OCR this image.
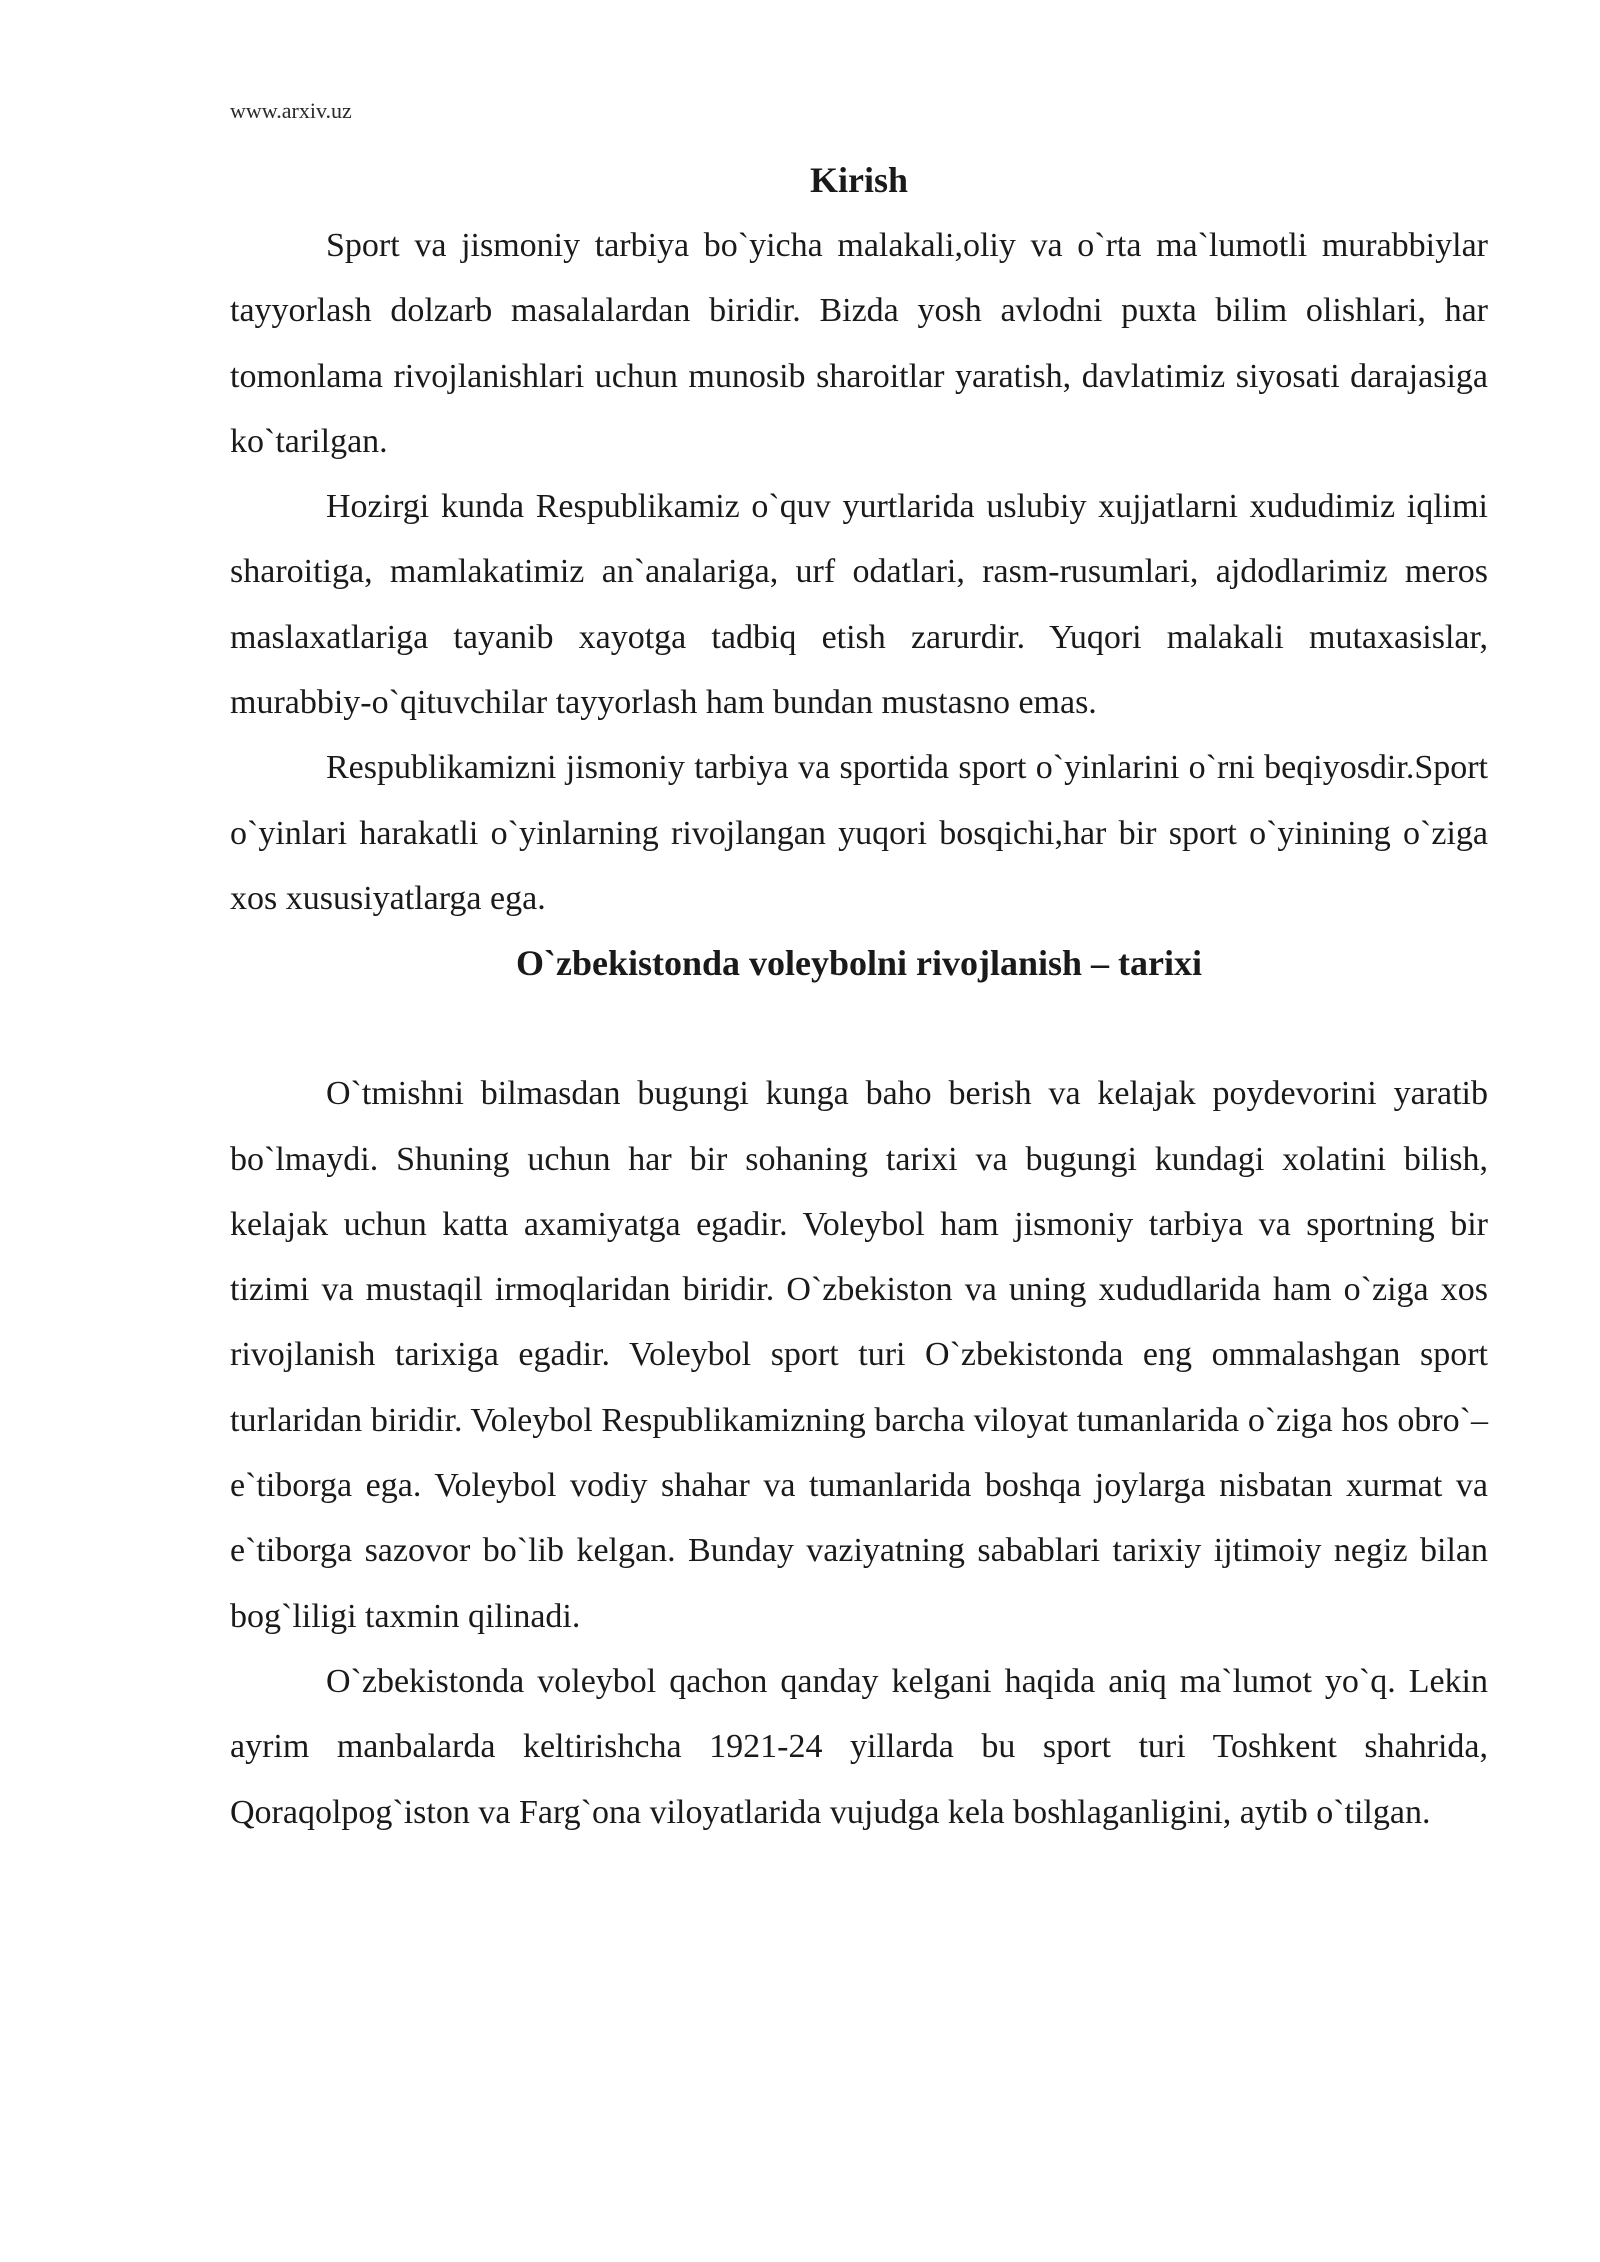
www.arxiv.uz
Kirish

Sport va jismoniy tarbiya bo`yicha malakali,oliy va o`rta ma`lumotli murabbiylar tayyorlash dolzarb masalalardan biridir. Bizda yosh avlodni puxta bilim olishlari, har tomonlama rivojlanishlari uchun munosib sharoitlar yaratish, davlatimiz siyosati darajasiga ko`tarilgan.

Hozirgi kunda Respublikamiz o`quv yurtlarida uslubiy xujjatlarni xududimiz iqlimi sharoitiga, mamlakatimiz an`analariga, urf odatlari, rasm-rusumlari, ajdodlarimiz meros maslaxatlariga tayanib xayotga tadbiq etish zarurdir. Yuqori malakali mutaxasislar, murabbiy-o`qituvchilar tayyorlash ham bundan mustasno emas.

Respublikamizni jismoniy tarbiya va sportida sport o`yinlarini o`rni beqiyosdir.Sport o`yinlari harakatli o`yinlarning rivojlangan yuqori bosqichi,har bir sport o`yinining o`ziga xos xususiyatlarga ega.

O`zbekistonda voleybolni rivojlanish – tarixi

O`tmishni bilmasdan bugungi kunga baho berish va kelajak poydevorini yaratib bo`lmaydi. Shuning uchun har bir sohaning tarixi va bugungi kundagi xolatini bilish, kelajak uchun katta axamiyatga egadir. Voleybol ham jismoniy tarbiya va sportning bir tizimi va mustaqil irmoqlaridan biridir. O`zbekiston va uning xududlarida ham o`ziga xos rivojlanish tarixiga egadir. Voleybol sport turi O`zbekistonda eng ommalashgan sport turlaridan biridir. Voleybol Respublikamizning barcha viloyat tumanlarida o`ziga hos obro`– e`tiborga ega. Voleybol vodiy shahar va tumanlarida boshqa joylarga nisbatan xurmat va e`tiborga sazovor bo`lib kelgan. Bunday vaziyatning sabablari tarixiy ijtimoiy negiz bilan bog`liligi taxmin qilinadi.

O`zbekistonda voleybol qachon qanday kelgani haqida aniq ma`lumot yo`q. Lekin ayrim manbalarda keltirishcha 1921-24 yillarda bu sport turi Toshkent shahrida, Qoraqolpog`iston va Farg`ona viloyatlarida vujudga kela boshlaganligini, aytib o`tilgan.
